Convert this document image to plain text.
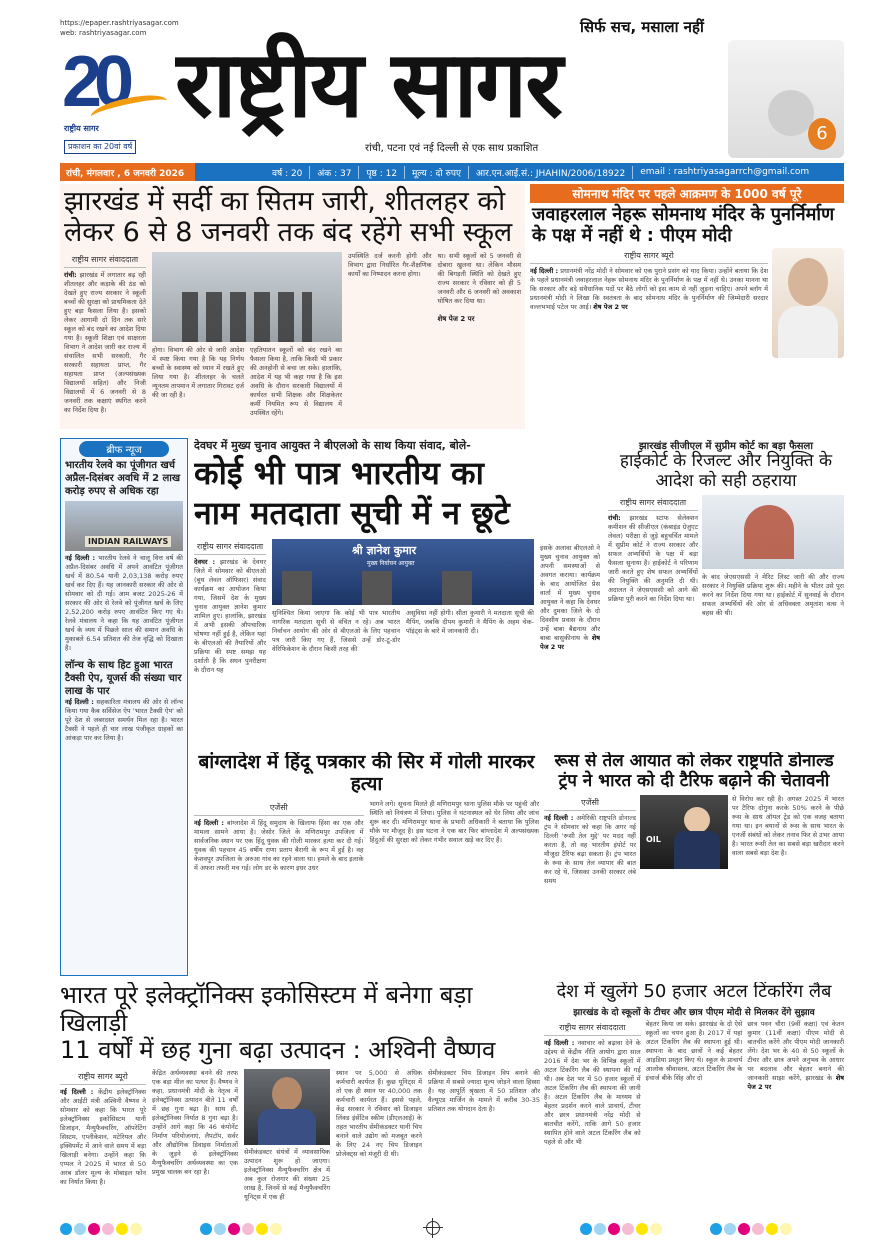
https://epaper.rashtriyasagar.com
web: rashtriyasagar.com
20
राष्ट्रीय सागर
प्रकाशन का 20वां वर्ष
राष्ट्रीय सागर
सिर्फ सच, मसाला नहीं
रांची, पटना एवं नई दिल्ली से एक साथ प्रकाशित
6
रांची, मंगलवार , 6 जनवरी 2026	वर्ष : 20	अंक : 37	पृष्ठ : 12	मूल्य : दो रुपए	आर.एन.आई.सं.: JHAHIN/2006/18922	email : rashtriyasagarrch@gmail.com
झारखंड में सर्दी का सितम जारी, शीतलहर को लेकर 6 से 8 जनवरी तक बंद रहेंगे सभी स्कूल
राष्ट्रीय सागर संवाददाता
रांची: झारखंड में लगातार बढ़ रही शीतलहर और कड़ाके की ठंड को देखते हुए राज्य सरकार ने स्कूली बच्चों की सुरक्षा को प्राथमिकता देते हुए बड़ा फैसला लिया है। इसको लेकर आगामी दो दिन तक सारे स्कूल को बंद रखने का आदेश दिया गया है। स्कूली शिक्षा एवं साक्षरता विभाग ने आदेश जारी कर राज्य में संचालित सभी सरकारी, गैर सरकारी सहायता प्राप्त, गैर सहायता प्राप्त (अल्पसंख्यक विद्यालयों सहित) और निजी विद्यालयों में 6 जनवरी से 8 जनवरी तक कक्षाएं स्थगित करने का निर्देश दिया है।
होगा। विभाग की ओर से जारी आदेश में स्पष्ट किया गया है कि यह निर्णय बच्चों के स्वास्थ्य को ध्यान में रखते हुए लिया गया है। शीतलहर के चलते न्यूनतम तापमान में लगातार गिरावट दर्ज की जा रही है।
एहतियातन स्कूलों को बंद रखने का फैसला किया है, ताकि किसी भी प्रकार की अनहोनी से बचा जा सके। हालांकि, आदेश में यह भी कहा गया है कि इस अवधि के दौरान सरकारी विद्यालयों में कार्यरत सभी शिक्षक और शिक्षकेतर कर्मी नियमित रूप से विद्यालय में उपस्थित रहेंगे।
उपस्थिति दर्ज करनी होगी और विभाग द्वारा निर्धारित गैर-शैक्षणिक कार्यों का निष्पादन करना होगा।
था। सभी स्कूलों को 5 जनवरी से दोबारा खुलना था। लेकिन मौसम की बिगड़ती स्थिति को देखते हुए राज्य सरकार ने रविवार को ही 5 जनवरी और 6 जनवरी को अवकाश घोषित कर दिया था।
शेष पेज 2 पर
सोमनाथ मंदिर पर पहले आक्रमण के 1000 वर्ष पूरे
जवाहरलाल नेहरू सोमनाथ मंदिर के पुनर्निर्माण के पक्ष में नहीं थे : पीएम मोदी
राष्ट्रीय सागर ब्यूरो
नई दिल्ली : प्रधानमंत्री नरेंद्र मोदी ने सोमवार को एक पुराने प्रसंग को याद किया। उन्होंने बताया कि देश के पहले प्रधानमंत्री जवाहरलाल नेहरू सोमनाथ मंदिर के पुनर्निर्माण के पक्ष में नहीं थे। उनका मानना था कि सरकार और बड़े संवैधानिक पदों पर बैठे लोगों को इस काम से नहीं जुड़ना चाहिए। अपने ब्लॉग में प्रधानमंत्री मोदी ने लिखा कि स्वतंत्रता के बाद सोमनाथ मंदिर के पुनर्निर्माण की जिम्मेदारी सरदार वल्लभभाई पटेल पर आई। शेष पेज 2 पर
ब्रीफ न्यूज
भारतीय रेलवे का पूंजीगत खर्च अप्रैल-दिसंबर अवधि में 2 लाख करोड़ रुपए से अधिक रहा
INDIAN RAILWAYS
नई दिल्ली : भारतीय रेलवे ने चालू वित्त वर्ष की अप्रैल-दिसंबर अवधि में अपने आवंटित पूंजीगत खर्च में 80.54 यानी 2,03,138 करोड़ रुपए खर्च कर दिए हैं। यह जानकारी सरकार की ओर से सोमवार को दी गई। आम बजट 2025-26 में सरकार की ओर से रेलवे को पूंजीगत खर्च के लिए 2,52,200 करोड़ रुपए आवंटित किए गए थे। रेलवे मंत्रालय ने कहा कि यह आवंटित पूंजीगत खर्च के व्यय में पिछले साल की समान अवधि के मुकाबले 6.54 प्रतिशत की तेज वृद्धि को दिखाता है।
लॉन्च के साथ हिट हुआ भारत टैक्सी ऐप, यूजर्स की संख्या चार लाख के पार
नई दिल्ली : सहकारिता मंत्रालय की ओर से लॉन्च किया गया कैब सर्विसेज ऐप 'भारत टैक्सी ऐप' को पूरे देश से जबरदस्त समर्थन मिल रहा है। भारत टैक्सी ने पहले ही चार लाख पंजीकृत ग्राहकों का आंकड़ा पार कर लिया है।
देवघर में मुख्य चुनाव आयुक्त ने बीएलओ के साथ किया संवाद, बोले-
कोई भी पात्र भारतीय का नाम मतदाता सूची में न छूटे
राष्ट्रीय सागर संवाददाता
देवघर : झारखंड के देवघर जिले में सोमवार को बीएलओ (बूथ लेवल ऑफिसर) संवाद कार्यक्रम का आयोजन किया गया, जिसमें देश के मुख्य चुनाव आयुक्त ज्ञानेश कुमार शामिल हुए। हालांकि, झारखंड में अभी इसकी औपचारिक घोषणा नहीं हुई है, लेकिन यहां के बीएलओ की तैयारियों और प्रक्रिया की स्पष्ट समझ यह दर्शाती है कि सघन पुनरीक्षण के दौरान यह
श्री ज्ञानेश कुमार
मुख्य निर्वाचन आयुक्त
सुनिश्चित किया जाएगा कि कोई भी पात्र भारतीय नागरिक मतदाता सूची से वंचित न रहे। अब भारत निर्वाचन आयोग की ओर से बीएलओ के लिए पहचान पत्र जारी किए गए हैं, जिससे उन्हें डोर-टू-डोर वेरिफिकेशन के दौरान किसी तरह की
असुविधा नहीं होगी। सीता कुमारी ने मतदाता सूची की मैपिंग, जबकि दीपम कुमारी ने मैपिंग के अहम चेक-पॉइंट्स के बारे में जानकारी दी।
इसके अलावा बीएलओ ने मुख्य चुनाव आयुक्त को अपनी समस्याओं से अवगत कराया। कार्यक्रम के बाद आयोजित प्रेस वार्ता में मुख्य चुनाव आयुक्त ने कहा कि देवघर और दुमका जिले के दो दिवसीय प्रवास के दौरान उन्हें बाबा बैद्यनाथ और बाबा बासुकीनाथ के शेष पेज 2 पर
झारखंड सीजीएल में सुप्रीम कोर्ट का बड़ा फैसला
हाईकोर्ट के रिजल्ट और नियुक्ति के आदेश को सही ठहराया
राष्ट्रीय सागर संवाददाता
रांची: झारखंड स्टाफ सेलेक्शन कमीशन की सीजीएल (कंबाइंड ग्रेजुएट लेवल) परीक्षा से जुड़े बहुचर्चित मामले में सुप्रीम कोर्ट ने राज्य सरकार और सफल अभ्यर्थियों के पक्ष में बड़ा फैसला सुनाया है। हाईकोर्ट ने परिणाम जारी करते हुए शेष सफल अभ्यर्थियों की नियुक्ति की अनुमति दी थी। अदालत ने जेएसएससी को आगे की प्रक्रिया पूरी करने का निर्देश दिया था।
के बाद जेएसएससी ने मेरिट लिस्ट जारी की और राज्य सरकार ने नियुक्ति प्रक्रिया शुरू की। महीने के भीतर उसे पूरा करने का निर्देश दिया गया था। हाईकोर्ट में सुनवाई के दौरान सफल अभ्यर्थियों की ओर से अधिवक्ता अमृतांश वत्स ने बहस की थी।
बांग्लादेश में हिंदू पत्रकार की सिर में गोली मारकर हत्या
एजेंसी
नई दिल्ली : बांग्लादेश में हिंदू समुदाय के खिलाफ हिंसा का एक और मामला सामने आया है। जेसोर जिले के मणिरामपुर उपजिला में सार्वजनिक स्थान पर एक हिंदू युवक की गोली मारकर हत्या कर दी गई। युवक की पहचान 45 वर्षीय राणा प्रताप बैरागी के रूप में हुई है। वह केशवपुर उपजिला के अरुआ गांव का रहने वाला था। हमले के बाद इलाके में अफरा तफरी मच गई। लोग डर के कारण इधर उधर
भागने लगे। सूचना मिलते ही मणिरामपुर थाना पुलिस मौके पर पहुंची और स्थिति को नियंत्रण में लिया। पुलिस ने घटनास्थल को घेर लिया और जांच शुरू कर दी। मणिरामपुर थाना के प्रभारी अधिकारी ने बताया कि पुलिस मौके पर मौजूद है। इस घटना ने एक बार फिर बांग्लादेश में अल्पसंख्यक हिंदुओं की सुरक्षा को लेकर गंभीर सवाल खड़े कर दिए हैं।
रूस से तेल आयात को लेकर राष्ट्रपति डोनाल्ड ट्रंप ने भारत को दी टैरिफ बढ़ाने की चेतावनी
एजेंसी
नई दिल्ली : अमेरिकी राष्ट्रपति डोनाल्ड ट्रंप ने सोमवार को कहा कि अगर नई दिल्ली 'रूसी तेल मुद्दे' पर मदद नहीं करता है, तो वह भारतीय इंपोर्ट पर मौजूदा टैरिफ बढ़ा सकता है। ट्रंप भारत के रूस के साथ तेल व्यापार की बात कर रहे थे, जिसका उनकी सरकार लंबे समय
OIL
से विरोध कर रही है। अगस्त 2025 में भारत पर टैरिफ दोगुना करके 50% करने के पीछे रूस के साथ ऑयल ट्रेड को एक वजह बताया गया था। इन बयानों से रूस के साथ भारत के एनर्जी संबंधों को लेकर तनाव फिर से उभर आया है। भारत रूसी तेल का सबसे बड़ा खरीदार करने वाला सबसे बड़ा देश है।
भारत पूरे इलेक्ट्रॉनिक्स इकोसिस्टम में बनेगा बड़ा खिलाड़ी
11 वर्षों में छह गुना बढ़ा उत्पादन : अश्विनी वैष्णव
राष्ट्रीय सागर ब्यूरो
नई दिल्ली : केंद्रीय इलेक्ट्रॉनिक्स और आईटी मंत्री अश्विनी वैष्णव ने सोमवार को कहा कि भारत पूरे इलेक्ट्रॉनिक्स इकोसिस्टम यानी डिजाइन, मैन्युफैक्चरिंग, ऑपरेटिंग सिस्टम, एप्लीकेशन, मटेरियल और इक्विपमेंट में आने वाले समय में बड़ा खिलाड़ी बनेगा। उन्होंने कहा कि एप्पल ने 2025 में भारत से 50 अरब डॉलर मूल्य के मोबाइल फोन का निर्यात किया है।
केंद्रित अर्थव्यवस्था बनने की तरफ एक बड़ा मील का पत्थर है। वैष्णव ने कहा, प्रधानमंत्री मोदी के नेतृत्व में इलेक्ट्रॉनिक्स उत्पादन बीते 11 वर्षों में छह गुना बढ़ा है। साथ ही, इलेक्ट्रॉनिक्स निर्यात 8 गुना बढ़ा है। उन्होंने आगे कहा कि 46 कंपोनेंट निर्माण परियोजनाएं, लैपटॉप, सर्वर और औद्योगिक डिवाइस निर्माताओं के जुड़ने से इलेक्ट्रॉनिक्स मैन्युफैक्चरिंग अर्थव्यवस्था का एक प्रमुख चालक बन रहा है।
सेमीकंडक्टर संयंत्रों में व्यावसायिक उत्पादन शुरू हो जाएगा। इलेक्ट्रॉनिक्स मैन्युफैक्चरिंग क्षेत्र में अब कुल रोजगार की संख्या 25 लाख है, जिनमें से कई मैन्युफैक्चरिंग यूनिट्स में एक ही
स्थान पर 5,000 से अधिक कर्मचारी कार्यरत हैं। कुछ यूनिट्स में तो एक ही स्थान पर 40,000 तक कर्मचारी कार्यरत हैं। इससे पहले, केंद्र सरकार ने रविवार को डिजाइन लिंक्ड इंसेंटिव स्कीम (डीएलआई) के तहत भारतीय सेमीकंडक्टर यानी चिप बनाने वाले उद्योग को मजबूत करने के लिए 24 नए चिप डिजाइन प्रोजेक्ट्स को मंजूरी दी थी।
सेमीकंडक्टर चिप डिजाइन विप बनाने की प्रक्रिया में सबसे ज्यादा मूल्य जोड़ने वाला हिस्सा है। यह आपूर्ति श्रृंखला में 50 प्रतिशत और वैल्यूएड मार्जिन के मामले में करीब 30-35 प्रतिशत तक योगदान देता है।
देश में खुलेंगे 50 हजार अटल टिंकरिंग लैब
झारखंड के दो स्कूलों के टीचर और छात्र पीएम मोदी से मिलकर देंगे सुझाव
राष्ट्रीय सागर संवाददाता
नई दिल्ली : नवाचार को बढ़ावा देने के उद्देश्य से केंद्रीय नीति आयोग द्वारा साल 2016 में देश भर के विभिन्न स्कूलों में अटल टिंकरिंग लैब की स्थापना की गई थी। अब देश भर में 50 हजार स्कूलों में अटल टिंकरिंग लैब की स्थापना की जानी है। अटल टिंकरिंग लैब के माध्यम से बेहतर प्रदर्शन करने वाले प्राचार्य, टीचर और छात्र प्रधानमंत्री नरेंद्र मोदी से बातचीत करेंगे, ताकि आगे 50 हजार स्थापित होने वाले अटल टिंकरिंग लैब को पहले से और भी
बेहतर किया जा सके। झारखंड के दो ऐसे स्कूलों का चयन हुआ है। 2017 में यहां अटल टिंकरिंग लैब की स्थापना हुई थी। स्थापना के बाद छात्रों ने कई बेहतर आइडिया प्रस्तुत किए थे। स्कूल के प्राचार्य आलोक श्रीवास्तव, अटल टिंकरिंग लैब के इंचार्ज बीके सिंह और दो
छात्र पवन चौरा (9वीं कक्षा) एवं केतन कुमार (11वीं कक्षा) पीएम मोदी से बातचीत करेंगे और पीएम मोदी जानकारी लेंगे। देश भर के 40 से 50 स्कूलों के टीचर और छात्र अपने अनुभव के आधार पर बदलाव और बेहतर बनाने की जानकारी साझा करेंगे, झारखंड के शेष पेज 2 पर
